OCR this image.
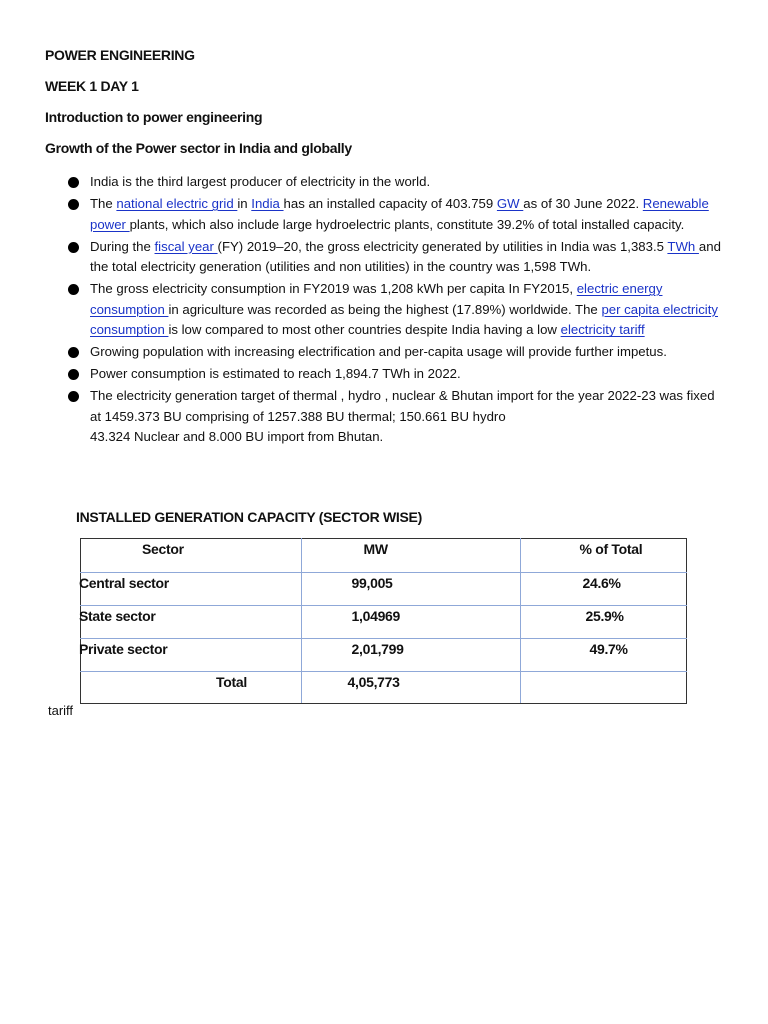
POWER ENGINEERING

WEEK 1 DAY 1

Introduction to power engineering

Growth of the Power sector in India and globally

India is the third largest producer of electricity in the world.
The national electric grid in India has an installed capacity of 403.759 GW as of 30 June 2022. Renewable power plants, which also include large hydroelectric plants, constitute 39.2% of total installed capacity.
During the fiscal year (FY) 2019–20, the gross electricity generated by utilities in India was 1,383.5 TWh and the total electricity generation (utilities and non utilities) in the country was 1,598 TWh.
The gross electricity consumption in FY2019 was 1,208 kWh per capita In FY2015, electric energy consumption in agriculture was recorded as being the highest (17.89%) worldwide. The per capita electricity consumption is low compared to most other countries despite India having a low electricity tariff
Growing population with increasing electrification and per-capita usage will provide further impetus.
Power consumption is estimated to reach 1,894.7 TWh in 2022.
The electricity generation target of thermal , hydro , nuclear & Bhutan import for the year 2022-23 was fixed at 1459.373 BU comprising of 1257.388 BU thermal; 150.661 BU hydro
43.324 Nuclear and 8.000 BU import from Bhutan.

INSTALLED GENERATION CAPACITY (SECTOR WISE)

Sector	MW	% of Total

Central sector	99,005	24.6%

State sector	1,04969	25.9%

Private sector	2,01,799	49.7%

Total	4,05,773	

tariff
